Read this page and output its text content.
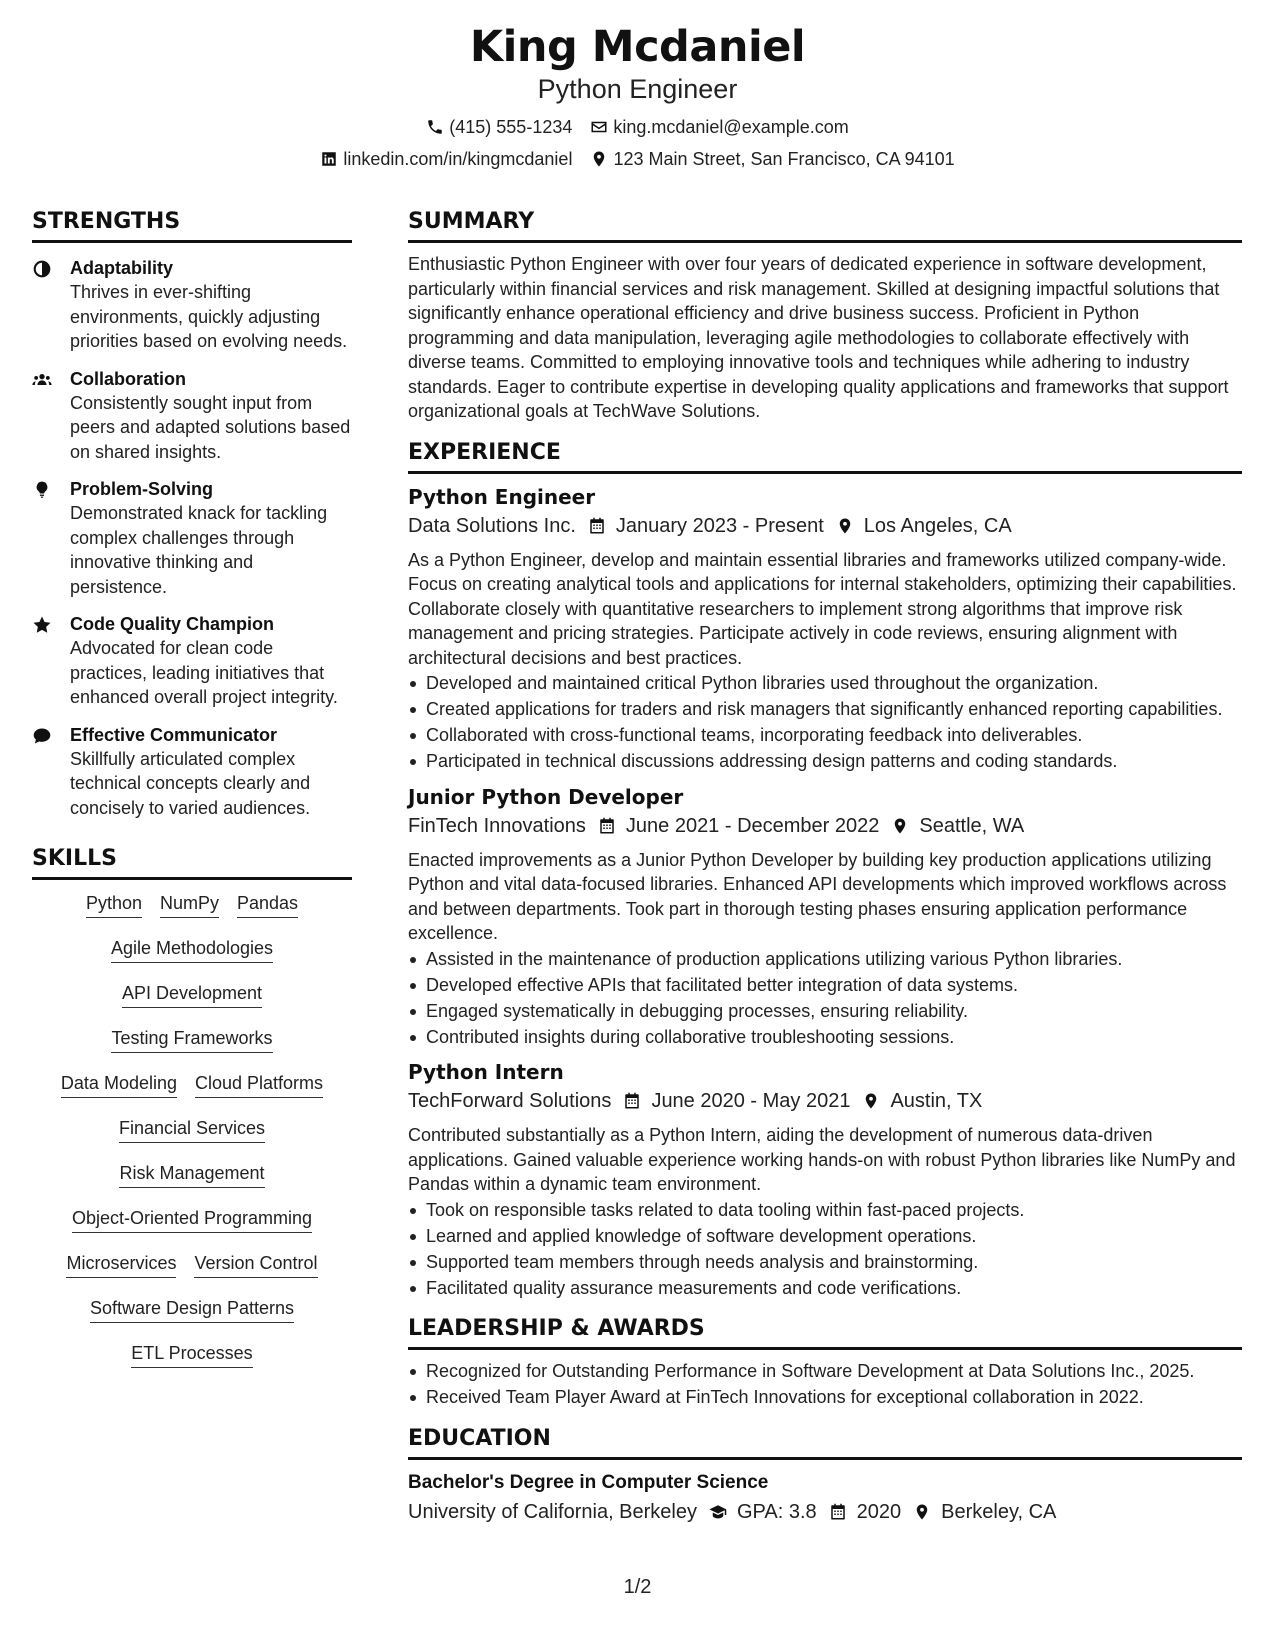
King Mcdaniel
Python Engineer
(415) 555-1234 king.mcdaniel@example.com
linkedin.com/in/kingmcdaniel 123 Main Street, San Francisco, CA 94101
STRENGTHS
Adaptability
Thrives in ever-shifting environments, quickly adjusting priorities based on evolving needs.
Collaboration
Consistently sought input from peers and adapted solutions based on shared insights.
Problem-Solving
Demonstrated knack for tackling complex challenges through innovative thinking and persistence.
Code Quality Champion
Advocated for clean code practices, leading initiatives that enhanced overall project integrity.
Effective Communicator
Skillfully articulated complex technical concepts clearly and concisely to varied audiences.
SKILLS
Python NumPy Pandas
Agile Methodologies
API Development
Testing Frameworks
Data Modeling Cloud Platforms
Financial Services
Risk Management
Object-Oriented Programming
Microservices Version Control
Software Design Patterns
ETL Processes
SUMMARY
Enthusiastic Python Engineer with over four years of dedicated experience in software development, particularly within financial services and risk management. Skilled at designing impactful solutions that significantly enhance operational efficiency and drive business success. Proficient in Python programming and data manipulation, leveraging agile methodologies to collaborate effectively with diverse teams. Committed to employing innovative tools and techniques while adhering to industry standards. Eager to contribute expertise in developing quality applications and frameworks that support organizational goals at TechWave Solutions.
EXPERIENCE
Python Engineer
Data Solutions Inc. January 2023 - Present Los Angeles, CA
As a Python Engineer, develop and maintain essential libraries and frameworks utilized company-wide. Focus on creating analytical tools and applications for internal stakeholders, optimizing their capabilities. Collaborate closely with quantitative researchers to implement strong algorithms that improve risk management and pricing strategies. Participate actively in code reviews, ensuring alignment with architectural decisions and best practices.
Developed and maintained critical Python libraries used throughout the organization.
Created applications for traders and risk managers that significantly enhanced reporting capabilities.
Collaborated with cross-functional teams, incorporating feedback into deliverables.
Participated in technical discussions addressing design patterns and coding standards.
Junior Python Developer
FinTech Innovations June 2021 - December 2022 Seattle, WA
Enacted improvements as a Junior Python Developer by building key production applications utilizing Python and vital data-focused libraries. Enhanced API developments which improved workflows across and between departments. Took part in thorough testing phases ensuring application performance excellence.
Assisted in the maintenance of production applications utilizing various Python libraries.
Developed effective APIs that facilitated better integration of data systems.
Engaged systematically in debugging processes, ensuring reliability.
Contributed insights during collaborative troubleshooting sessions.
Python Intern
TechForward Solutions June 2020 - May 2021 Austin, TX
Contributed substantially as a Python Intern, aiding the development of numerous data-driven applications. Gained valuable experience working hands-on with robust Python libraries like NumPy and Pandas within a dynamic team environment.
Took on responsible tasks related to data tooling within fast-paced projects.
Learned and applied knowledge of software development operations.
Supported team members through needs analysis and brainstorming.
Facilitated quality assurance measurements and code verifications.
LEADERSHIP & AWARDS
Recognized for Outstanding Performance in Software Development at Data Solutions Inc., 2025.
Received Team Player Award at FinTech Innovations for exceptional collaboration in 2022.
EDUCATION
Bachelor's Degree in Computer Science
University of California, Berkeley GPA: 3.8 2020 Berkeley, CA
1/2
